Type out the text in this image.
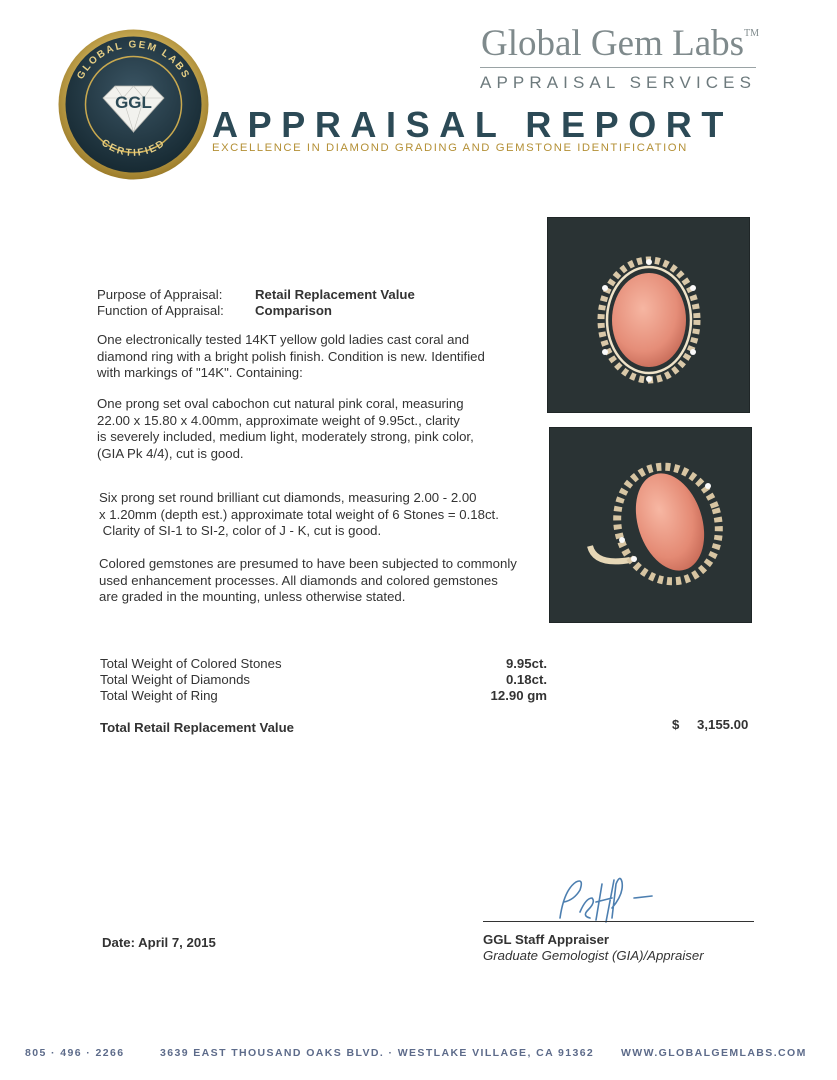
GLOBAL GEM LABS
CERTIFIED
GGL
Global Gem Labs™
APPRAISAL SERVICES
APPRAISAL REPORT
EXCELLENCE IN DIAMOND GRADING AND GEMSTONE IDENTIFICATION
Purpose of Appraisal: Retail Replacement Value
Function of Appraisal: Comparison
One electronically tested 14KT yellow gold ladies cast coral and
diamond ring with a bright polish finish. Condition is new. Identified
with markings of "14K". Containing:
One prong set oval cabochon cut natural pink coral, measuring
22.00 x 15.80 x 4.00mm, approximate weight of 9.95ct., clarity
is severely included, medium light, moderately strong, pink color,
(GIA Pk 4/4), cut is good.
Six prong set round brilliant cut diamonds, measuring 2.00 - 2.00
x 1.20mm (depth est.) approximate total weight of 6 Stones = 0.18ct.
Clarity of SI-1 to SI-2, color of J - K, cut is good.
Colored gemstones are presumed to have been subjected to commonly
used enhancement processes. All diamonds and colored gemstones
are graded in the mounting, unless otherwise stated.
Total Weight of Colored Stones	9.95ct.
Total Weight of Diamonds	0.18ct.
Total Weight of Ring	12.90 gm
Total Retail Replacement Value	$ 3,155.00
Date: April 7, 2015	GGL Staff Appraiser
Graduate Gemologist (GIA)/Appraiser
805 · 496 · 2266	3639 EAST THOUSAND OAKS BLVD. · WESTLAKE VILLAGE, CA 91362	WWW.GLOBALGEMLABS.COM
